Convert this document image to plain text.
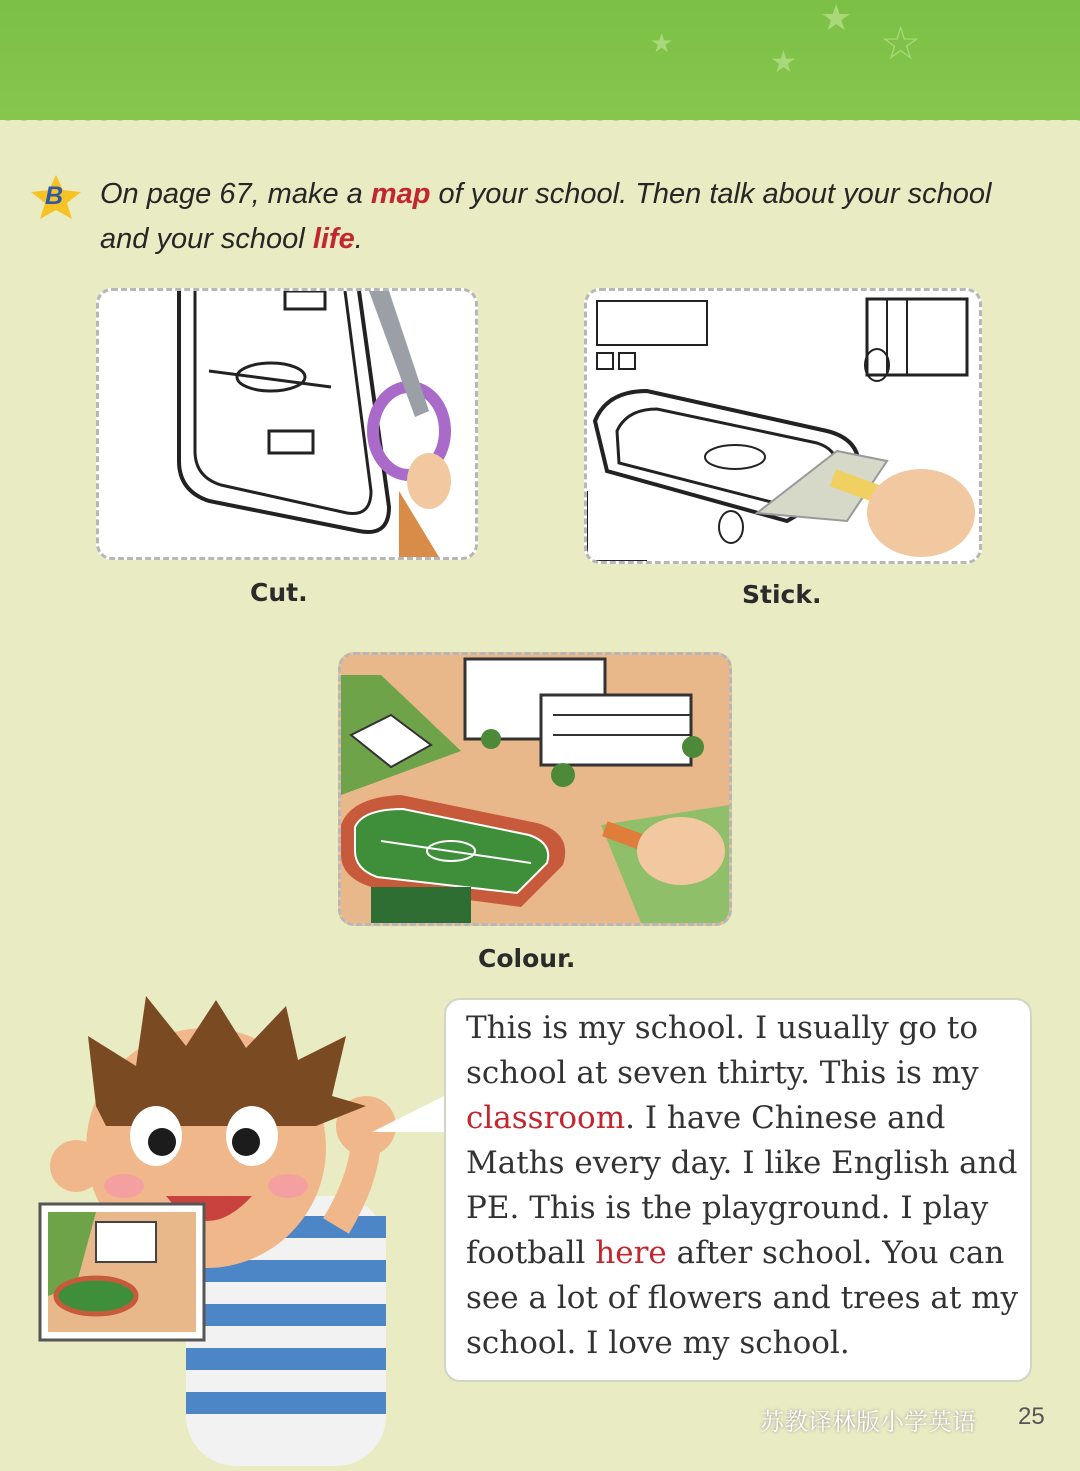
☆
★
★
★
B On page 67, make a map of your school. Then talk about your school and your school life.
Cut.	Stick.
Colour.
This is my school. I usually go to school at seven thirty. This is my classroom. I have Chinese and Maths every day. I like English and PE. This is the playground. I play football here after school. You can see a lot of flowers and trees at my school. I love my school.
苏教译林版小学英语 25
